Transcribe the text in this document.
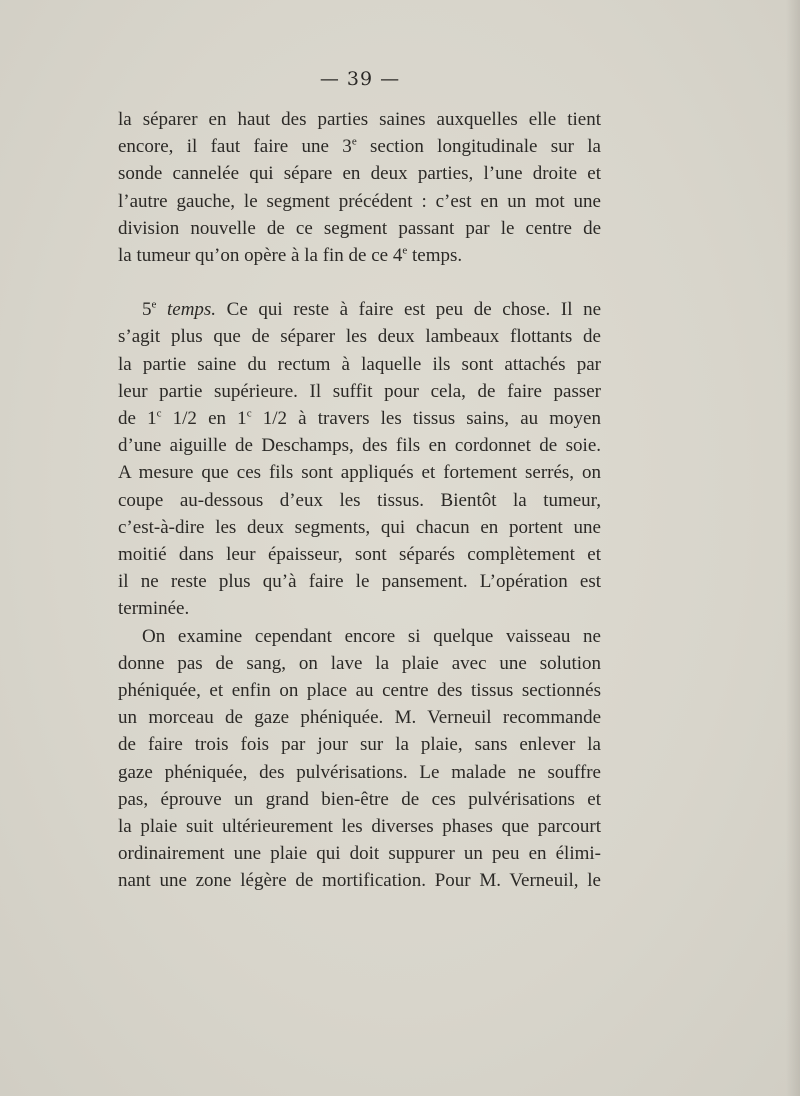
— 39 —

la séparer en haut des parties saines auxquelles elle tient

encore, il faut faire une 3e section longitudinale sur la

sonde cannelée qui sépare en deux parties, l’une droite et

l’autre gauche, le segment précédent : c’est en un mot une

division nouvelle de ce segment passant par le centre de

la tumeur qu’on opère à la fin de ce 4e temps.

5e temps. Ce qui reste à faire est peu de chose. Il ne

s’agit plus que de séparer les deux lambeaux flottants de

la partie saine du rectum à laquelle ils sont attachés par

leur partie supérieure. Il suffit pour cela, de faire passer

de 1$^c$ 1/2 en 1$^c$ 1/2 à travers les tissus sains, au moyen

d’une aiguille de Deschamps, des fils en cordonnet de soie.

A mesure que ces fils sont appliqués et fortement serrés, on

coupe au-dessous d’eux les tissus. Bientôt la tumeur,

c’est-à-dire les deux segments, qui chacun en portent une

moitié dans leur épaisseur, sont séparés complètement et

il ne reste plus qu’à faire le pansement. L’opération est

terminée.

On examine cependant encore si quelque vaisseau ne

donne pas de sang, on lave la plaie avec une solution

phéniquée, et enfin on place au centre des tissus sectionnés

un morceau de gaze phéniquée. M. Verneuil recommande

de faire trois fois par jour sur la plaie, sans enlever la

gaze phéniquée, des pulvérisations. Le malade ne souffre

pas, éprouve un grand bien-être de ces pulvérisations et

la plaie suit ultérieurement les diverses phases que parcourt

ordinairement une plaie qui doit suppurer un peu en élimi-

nant une zone légère de mortification. Pour M. Verneuil, le
